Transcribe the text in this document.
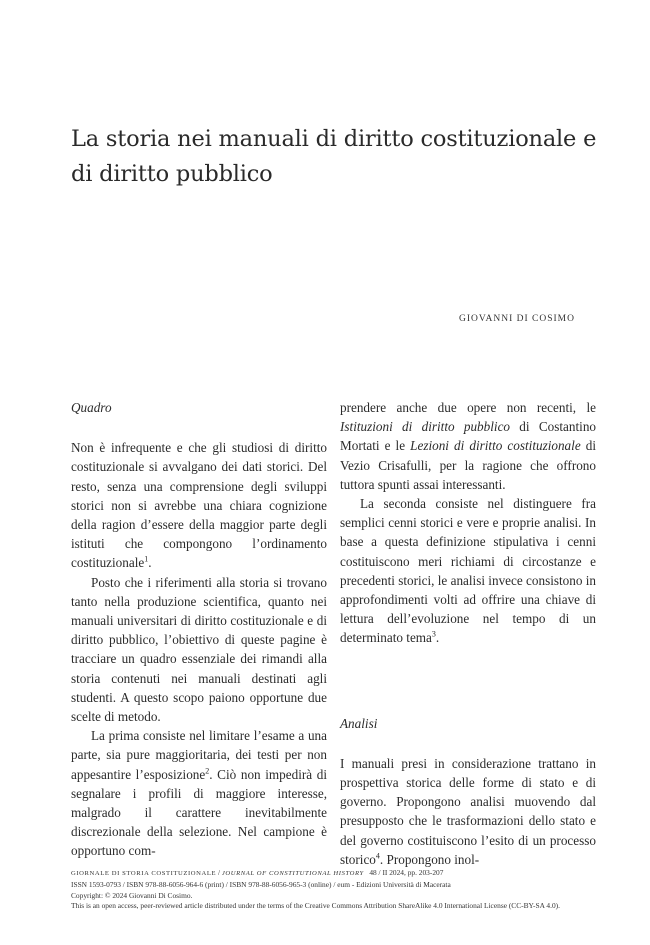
La storia nei manuali di diritto costituzionale e di diritto pubblico
GIOVANNI DI COSIMO

Quadro

Non è infrequente e che gli studiosi di diritto costituzionale si avvalgano dei dati storici. Del resto, senza una comprensione degli sviluppi storici non si avrebbe una chiara cognizione della ragion d’essere della maggior parte degli istituti che compongono l’ordinamento costituzionale$^1$.

Posto che i riferimenti alla storia si trovano tanto nella produzione scientifica, quanto nei manuali universitari di diritto costituzionale e di diritto pubblico, l’obiettivo di queste pagine è tracciare un quadro essenziale dei rimandi alla storia contenuti nei manuali destinati agli studenti. A questo scopo paiono opportune due scelte di metodo.

La prima consiste nel limitare l’esame a una parte, sia pure maggioritaria, dei testi per non appesantire l’esposizione$^2$. Ciò non impedirà di segnalare i profili di maggiore interesse, malgrado il carattere inevitabilmente discrezionale della selezione. Nel campione è opportuno com-

prendere anche due opere non recenti, le Istituzioni di diritto pubblico di Costantino Mortati e le Lezioni di diritto costituzionale di Vezio Crisafulli, per la ragione che offrono tuttora spunti assai interessanti.

La seconda consiste nel distinguere fra semplici cenni storici e vere e proprie analisi. In base a questa definizione stipulativa i cenni costituiscono meri richiami di circostanze e precedenti storici, le analisi invece consistono in approfondimenti volti ad offrire una chiave di lettura dell’evoluzione nel tempo di un determinato tema$^3$.

Analisi

I manuali presi in considerazione trattano in prospettiva storica delle forme di stato e di governo. Propongono analisi muovendo dal presupposto che le trasformazioni dello stato e del governo costituiscono l’esito di un processo storico$^4$. Propongono inol-

GIORNALE DI STORIA COSTITUZIONALE / JOURNAL OF CONSTITUTIONAL HISTORY 48 / II 2024, pp. 203-207
ISSN 1593-0793 / ISBN 978-88-6056-964-6 (print) / ISBN 978-88-6056-965-3 (online) / eum - Edizioni Università di Macerata
Copyright: © 2024 Giovanni Di Cosimo.
This is an open access, peer-reviewed article distributed under the terms of the Creative Commons Attribution ShareAlike 4.0 International License (CC-BY-SA 4.0).
